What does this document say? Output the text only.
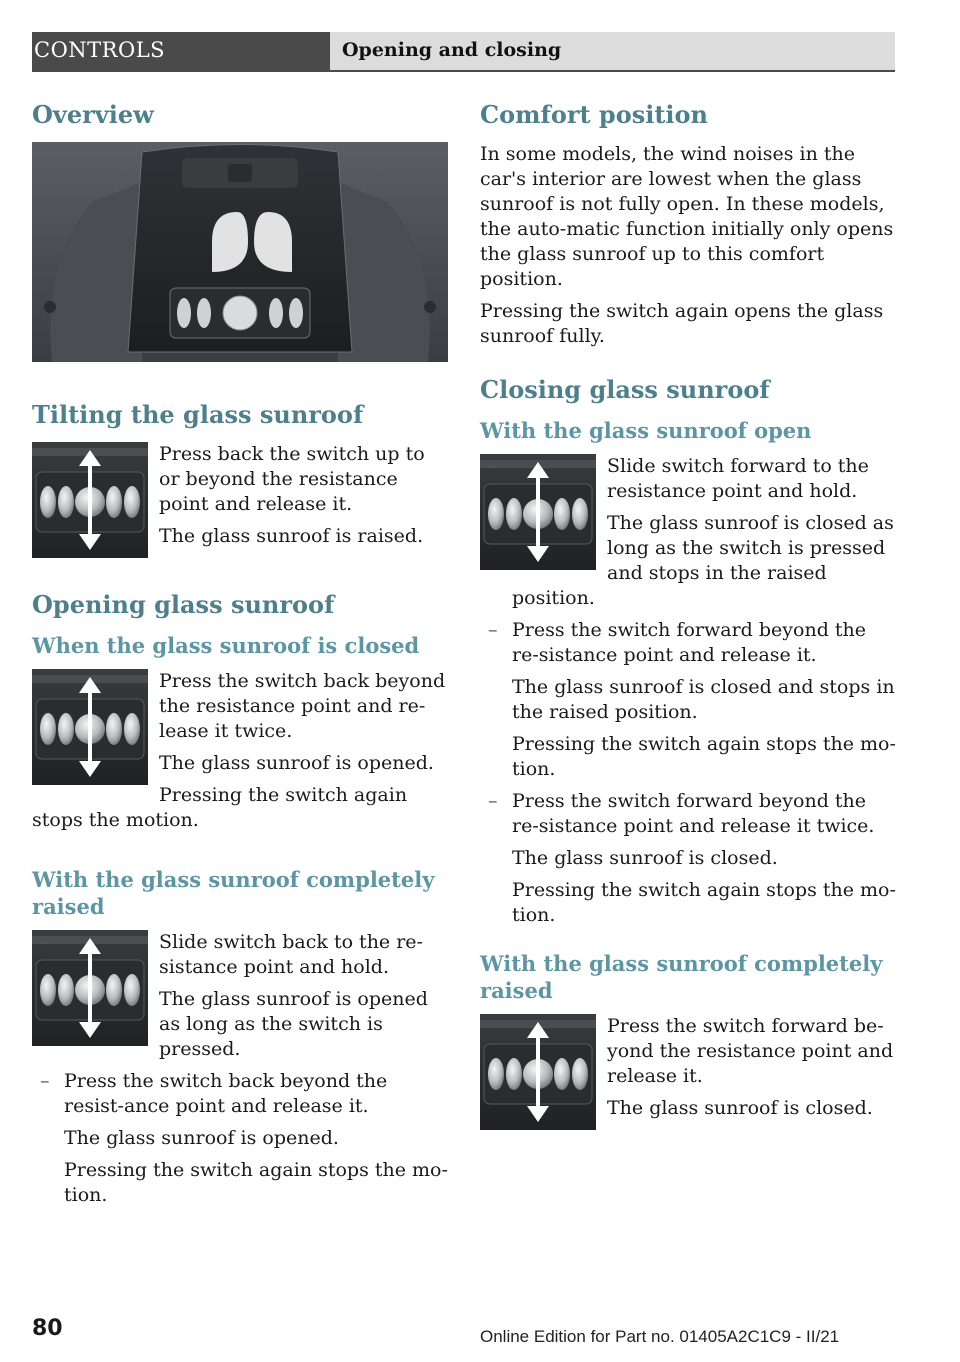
CONTROLS	Opening and closing
Overview
Tilting the glass sunroof

Press back the switch up to or beyond the resistance point and release it.

The glass sunroof is raised.

Opening glass sunroof
When the glass sunroof is closed

Press the switch back beyond the resistance point and re-lease it twice.

The glass sunroof is opened.

Pressing the switch again stops the motion.

With the glass sunroof completely raised
–	Slide switch back to the re-sistance point and hold.

The glass sunroof is opened as long as the switch is pressed.

– Press the switch back beyond the resist-ance point and release it.

The glass sunroof is opened.

Pressing the switch again stops the mo-tion.

Comfort position

In some models, the wind noises in the car's interior are lowest when the glass sunroof is not fully open. In these models, the auto-matic function initially only opens the glass sunroof up to this comfort position.

Pressing the switch again opens the glass sunroof fully.

Closing glass sunroof
With the glass sunroof open
–	Slide switch forward to the resistance point and hold.

The glass sunroof is closed as long as the switch is pressed and stops in the raised position.

– Press the switch forward beyond the re-sistance point and release it.

The glass sunroof is closed and stops in the raised position.

Pressing the switch again stops the mo-tion.

– Press the switch forward beyond the re-sistance point and release it twice.

The glass sunroof is closed.

Pressing the switch again stops the mo-tion.

With the glass sunroof completely raised

Press the switch forward be-yond the resistance point and release it.

The glass sunroof is closed.

80	Online Edition for Part no. 01405A2C1C9 - II/21
